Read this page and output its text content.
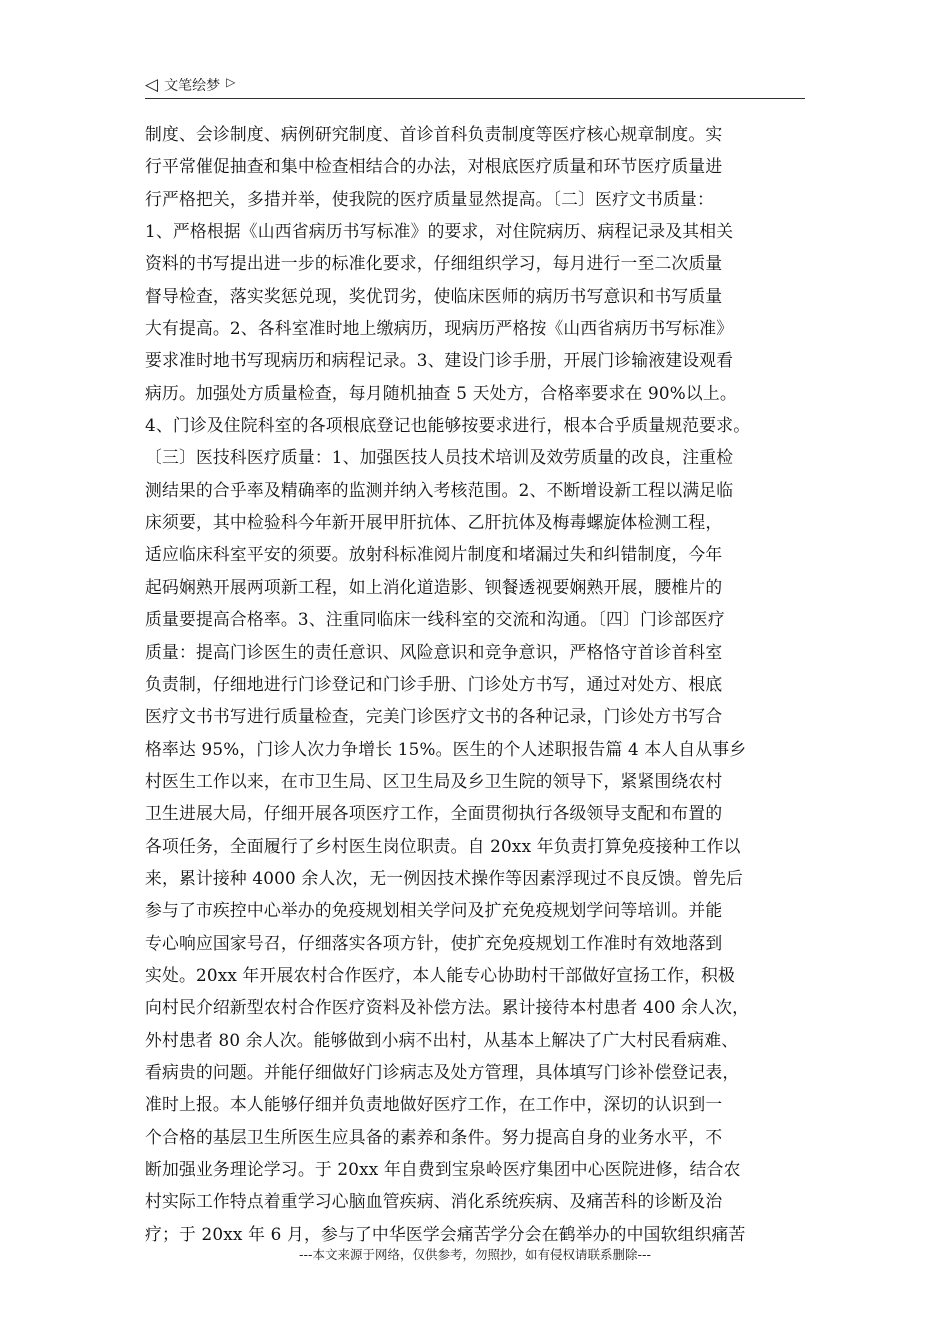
◁ 文笔绘梦 ▷
制度、会诊制度、病例研究制度、首诊首科负责制度等医疗核心规章制度。实
行平常催促抽查和集中检查相结合的办法，对根底医疗质量和环节医疗质量进
行严格把关，多措并举，使我院的医疗质量显然提高。〔二〕医疗文书质量：
1、严格根据《山西省病历书写标准》的要求，对住院病历、病程记录及其相关
资料的书写提出进一步的标准化要求，仔细组织学习，每月进行一至二次质量
督导检查，落实奖惩兑现，奖优罚劣，使临床医师的病历书写意识和书写质量
大有提高。2、各科室准时地上缴病历，现病历严格按《山西省病历书写标准》
要求准时地书写现病历和病程记录。3、建设门诊手册，开展门诊输液建设观看
病历。加强处方质量检查，每月随机抽查 5 天处方，合格率要求在 90%以上。
4、门诊及住院科室的各项根底登记也能够按要求进行，根本合乎质量规范要求。
〔三〕医技科医疗质量：1、加强医技人员技术培训及效劳质量的改良，注重检
测结果的合乎率及精确率的监测并纳入考核范围。2、不断增设新工程以满足临
床须要，其中检验科今年新开展甲肝抗体、乙肝抗体及梅毒螺旋体检测工程，
适应临床科室平安的须要。放射科标准阅片制度和堵漏过失和纠错制度，今年
起码娴熟开展两项新工程，如上消化道造影、钡餐透视要娴熟开展，腰椎片的
质量要提高合格率。3、注重同临床一线科室的交流和沟通。〔四〕门诊部医疗
质量：提高门诊医生的责任意识、风险意识和竞争意识，严格恪守首诊首科室
负责制，仔细地进行门诊登记和门诊手册、门诊处方书写，通过对处方、根底
医疗文书书写进行质量检查，完美门诊医疗文书的各种记录，门诊处方书写合
格率达 95%，门诊人次力争增长 15%。医生的个人述职报告篇 4 本人自从事乡
村医生工作以来，在市卫生局、区卫生局及乡卫生院的领导下，紧紧围绕农村
卫生进展大局，仔细开展各项医疗工作，全面贯彻执行各级领导支配和布置的
各项任务，全面履行了乡村医生岗位职责。自 20xx 年负责打算免疫接种工作以
来，累计接种 4000 余人次，无一例因技术操作等因素浮现过不良反馈。曾先后
参与了市疾控中心举办的免疫规划相关学问及扩充免疫规划学问等培训。并能
专心响应国家号召，仔细落实各项方针，使扩充免疫规划工作准时有效地落到
实处。20xx 年开展农村合作医疗，本人能专心协助村干部做好宣扬工作，积极
向村民介绍新型农村合作医疗资料及补偿方法。累计接待本村患者 400 余人次，
外村患者 80 余人次。能够做到小病不出村，从基本上解决了广大村民看病难、
看病贵的问题。并能仔细做好门诊病志及处方管理，具体填写门诊补偿登记表，
准时上报。本人能够仔细并负责地做好医疗工作，在工作中，深切的认识到一
个合格的基层卫生所医生应具备的素养和条件。努力提高自身的业务水平，不
断加强业务理论学习。于 20xx 年自费到宝泉岭医疗集团中心医院进修，结合农
村实际工作特点着重学习心脑血管疾病、消化系统疾病、及痛苦科的诊断及治
疗；于 20xx 年 6 月，参与了中华医学会痛苦学分会在鹤举办的中国软组织痛苦
---本文来源于网络，仅供参考，勿照抄，如有侵权请联系删除---
